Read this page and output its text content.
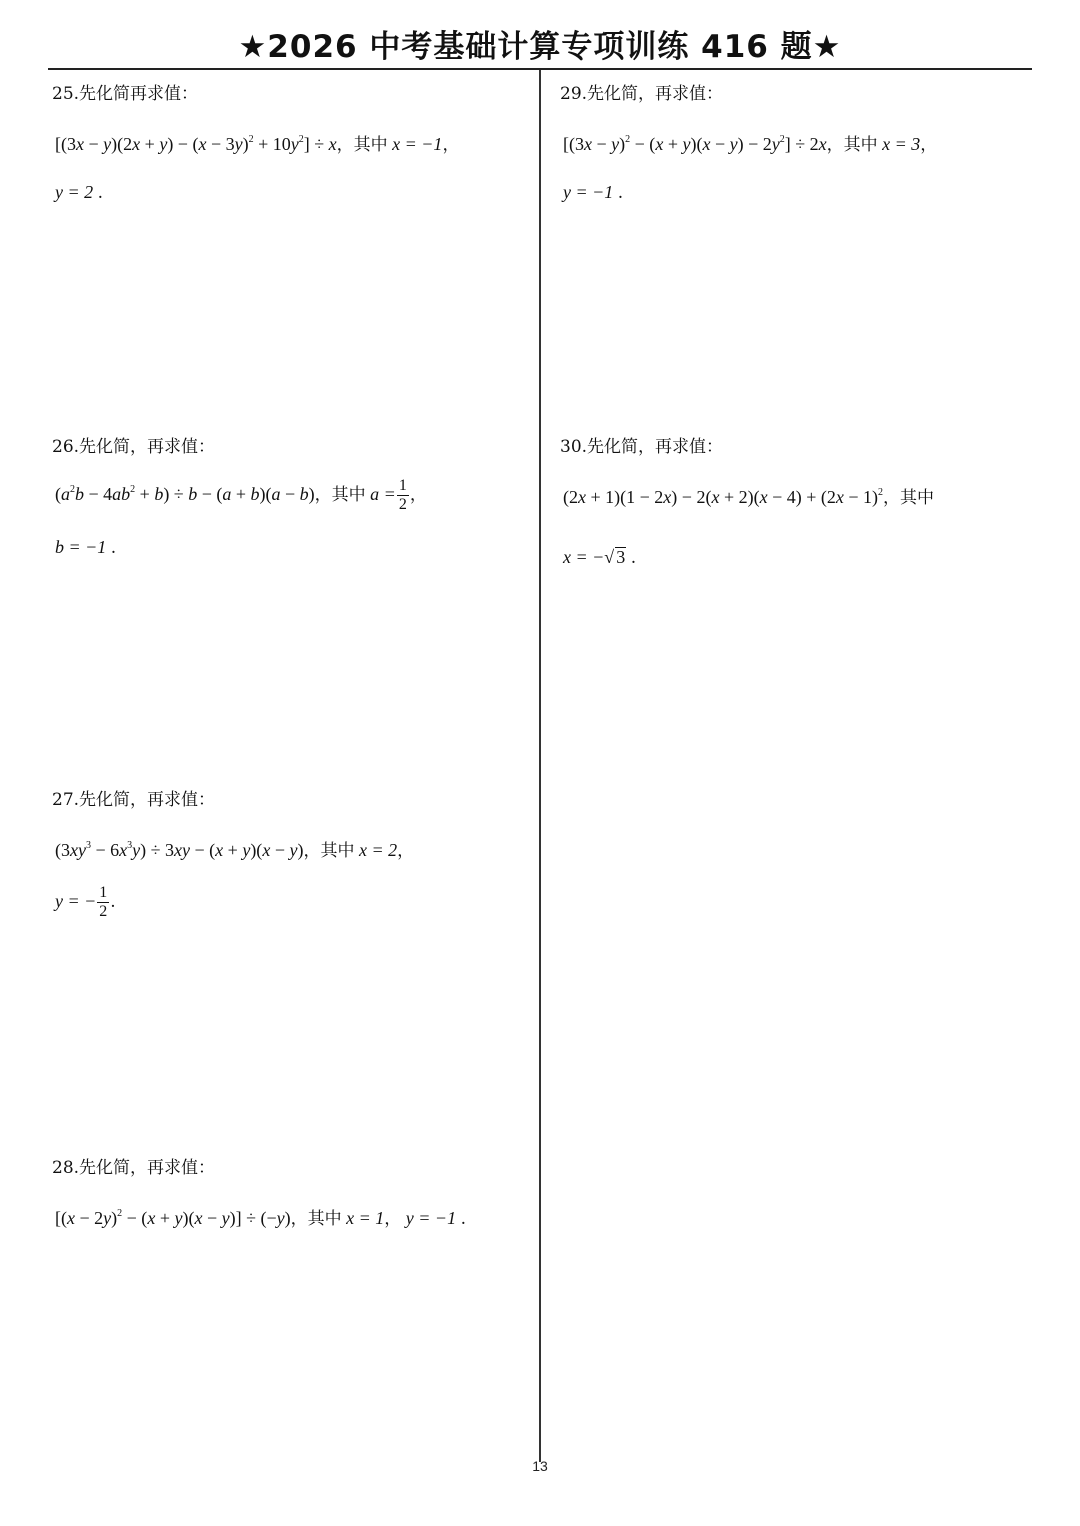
★2026 中考基础计算专项训练 416 题★
25.先化简再求值：
$[(3x - y)(2x + y) - (x - 3y)^2 + 10y^2] \div x$，其中 x = −1，
y = 2 .
26.先化简，再求值：
$(a^2b - 4ab^2 + b) \div b - (a + b)(a - b)$，其中 $a = \frac{1}{2}$ ，
b = −1 .
27.先化简，再求值：
$(3xy^3 - 6x^3y) \div 3xy - (x + y)(x - y)$，其中 x = 2，
y = − $\frac{1}{2}$ .
28.先化简，再求值：
$[(x - 2y)^2 - (x + y)(x - y)] \div (-y)$，其中 x = 1， y = −1 .
29.先化简，再求值：
$[(3x - y)^2 - (x + y)(x - y) - 2y^2] \div 2x$，其中 x = 3，
y = −1 .
30.先化简，再求值：
$(2x + 1)(1 - 2x) - 2(x + 2)(x - 4) + (2x - 1)^2$，其中
x = −√ 3 .
13
